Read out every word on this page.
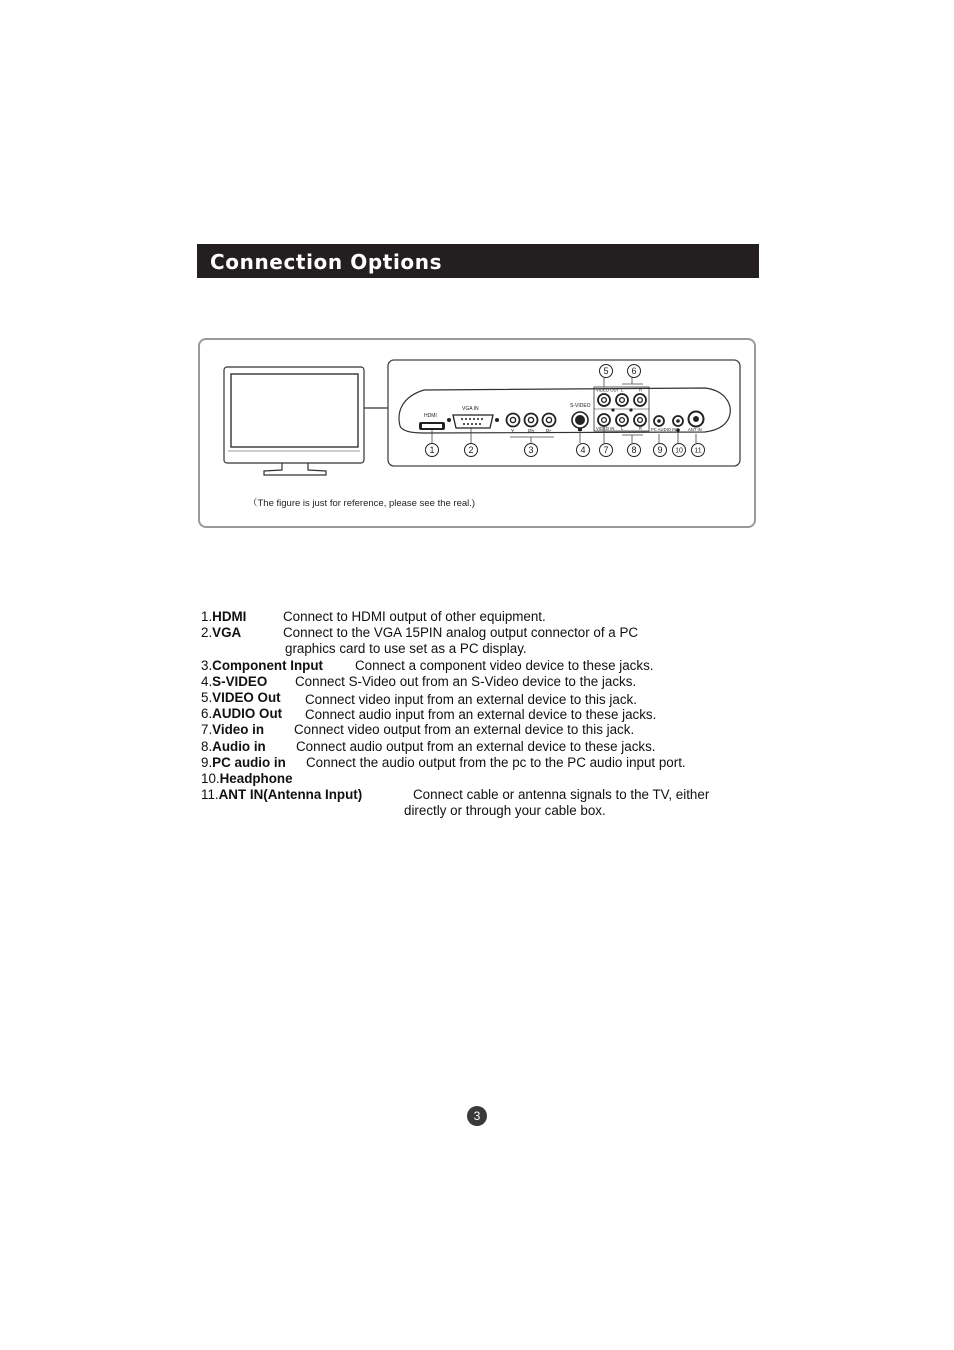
Connection Options
HDMI
VGA IN
Y	Pb Pr
S-VIDEO
VIDEO OUT L	R
VIDEO IN L	R PC AUDIO IN	ANT IN
1	2	3	4
5	6
7	8 9 10 11
（The figure is just for reference, please see the real.)
1.HDMI	Connect to HDMI output of other equipment.
2.VGA	Connect to the VGA 15PIN analog output connector of a PC
graphics card to use set as a PC display.
3.Component Input Connect a component video device to these jacks.
4.S-VIDEO Connect S-Video out from an S-Video device to the jacks.
5.VIDEO Out Connect video input from an external device to this jack.
6.AUDIO Out Connect audio input from an external device to these jacks.
7.Video in Connect video output from an external device to this jack.
8.Audio in Connect audio output from an external device to these jacks.
9.PC audio in Connect the audio output from the pc to the PC audio input port.
10.Headphone
11.ANT IN(Antenna Input)	Connect cable or antenna signals to the TV, either
directly or through your cable box.
3
